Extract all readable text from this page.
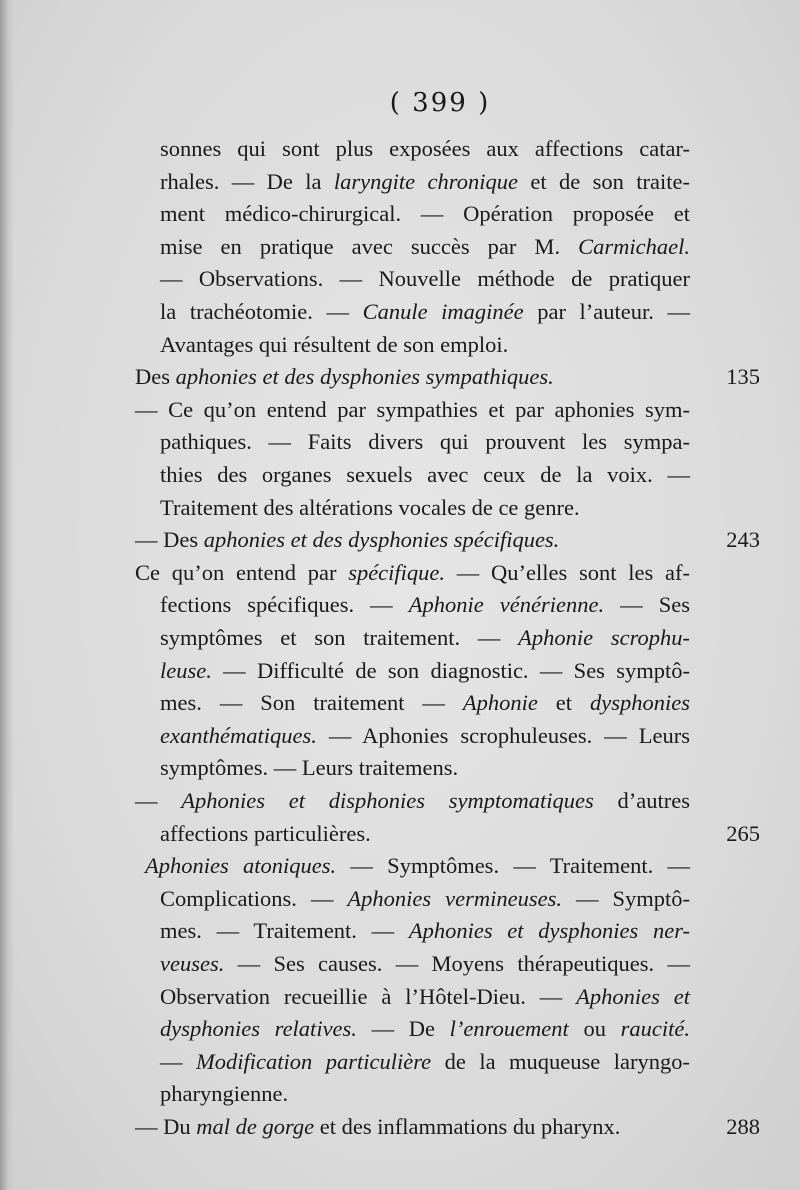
( 399 )
sonnes qui sont plus exposées aux affections catar-
rhales. — De la laryngite chronique et de son traite-
ment médico-chirurgical. — Opération proposée et
mise en pratique avec succès par M. Carmichael.
— Observations. — Nouvelle méthode de pratiquer
la trachéotomie. — Canule imaginée par l’auteur. —
Avantages qui résultent de son emploi.
Des aphonies et des dysphonies sympathiques.
— Ce qu’on entend par sympathies et par aphonies sym-
pathiques. — Faits divers qui prouvent les sympa-
thies des organes sexuels avec ceux de la voix. —
Traitement des altérations vocales de ce genre.
— Des aphonies et des dysphonies spécifiques.
Ce qu’on entend par spécifique. — Qu’elles sont les af-
fections spécifiques. — Aphonie vénérienne. — Ses
symptômes et son traitement. — Aphonie scrophu-
leuse. — Difficulté de son diagnostic. — Ses symptô-
mes. — Son traitement — Aphonie et dysphonies
exanthématiques. — Aphonies scrophuleuses. — Leurs
symptômes. — Leurs traitemens.
— Aphonies et disphonies symptomatiques d’autres
affections particulières.
Aphonies atoniques. — Symptômes. — Traitement. —
Complications. — Aphonies vermineuses. — Symptô-
mes. — Traitement. — Aphonies et dysphonies ner-
veuses. — Ses causes. — Moyens thérapeutiques. —
Observation recueillie à l’Hôtel-Dieu. — Aphonies et
dysphonies relatives. — De l’enrouement ou raucité.
— Modification particulière de la muqueuse laryngo-
pharyngienne.
— Du mal de gorge et des inflammations du pharynx.
135
243
265
288
